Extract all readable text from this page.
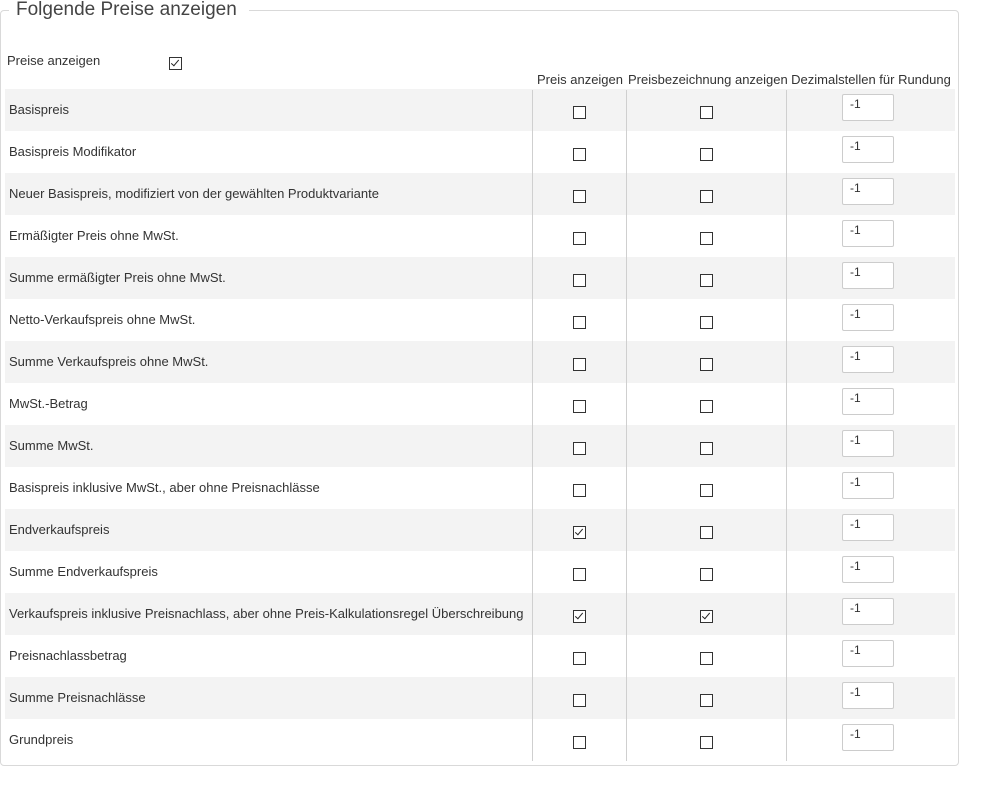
Folgende Preise anzeigen
Preise anzeigen
Preis anzeigen Preisbezeichnung anzeigen Dezimalstellen für Rundung
Basispreis
-1
Basispreis Modifikator
-1
Neuer Basispreis, modifiziert von der gewählten Produktvariante
-1
Ermäßigter Preis ohne MwSt.
-1
Summe ermäßigter Preis ohne MwSt.
-1
Netto-Verkaufspreis ohne MwSt.
-1
Summe Verkaufspreis ohne MwSt.
-1
MwSt.-Betrag
-1
Summe MwSt.
-1
Basispreis inklusive MwSt., aber ohne Preisnachlässe
-1
Endverkaufspreis
-1
Summe Endverkaufspreis
-1
Verkaufspreis inklusive Preisnachlass, aber ohne Preis-Kalkulationsregel Überschreibung
-1
Preisnachlassbetrag
-1
Summe Preisnachlässe
-1
Grundpreis
-1
